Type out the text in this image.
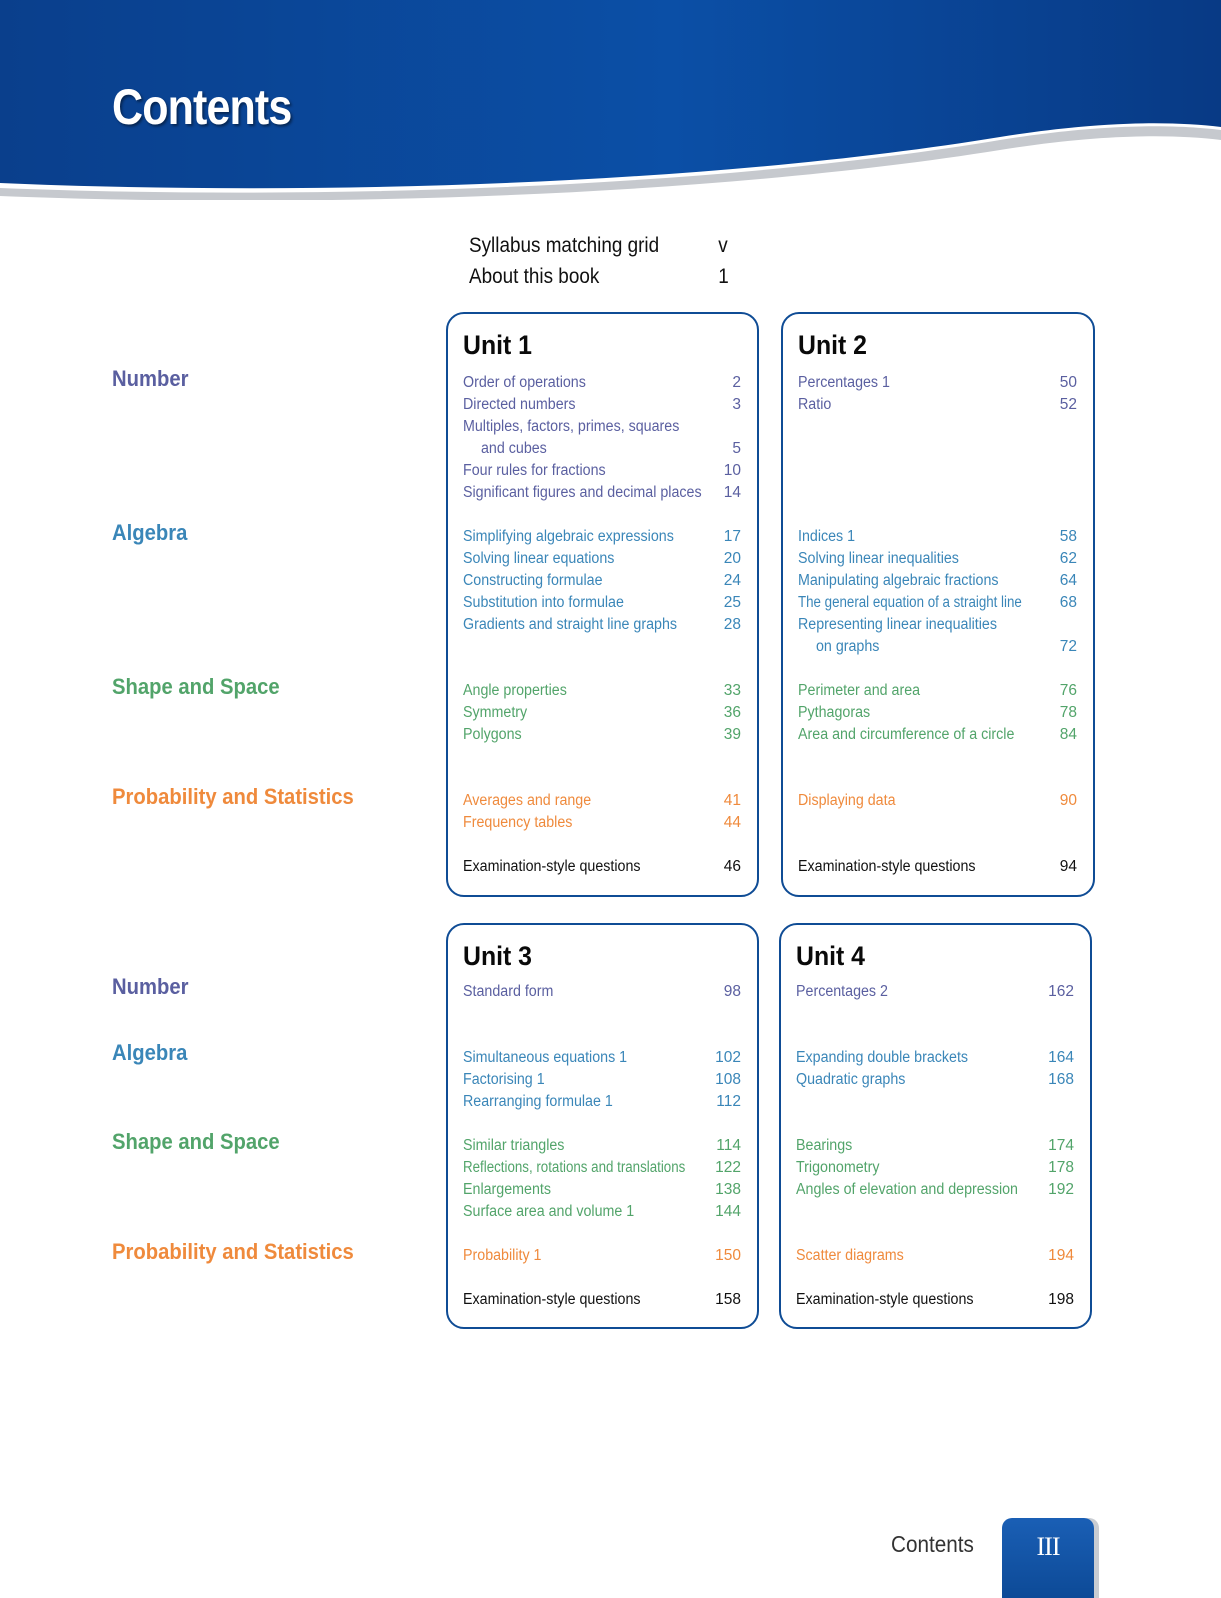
Contents
Syllabus matching grid	v
About this book	1
Number
Algebra
Shape and Space
Probability and Statistics
Number
Algebra
Shape and Space
Probability and Statistics
Unit 1
Order of operations	2
Directed numbers	3
Multiples, factors, primes, squares
and cubes	5
Four rules for fractions	10
Significant figures and decimal places 14
Simplifying algebraic expressions	17
Solving linear equations	20
Constructing formulae	24
Substitution into formulae	25
Gradients and straight line graphs	28
Angle properties	33
Symmetry	36
Polygons	39
Averages and range	41
Frequency tables	44
Examination-style questions	46
Unit 2
Percentages 1	50
Ratio	52
Indices 1	58
Solving linear inequalities	62
Manipulating algebraic fractions	64
The general equation of a straight line 68
Representing linear inequalities
on graphs	72
Perimeter and area	76
Pythagoras	78
Area and circumference of a circle	84
Displaying data	90
Examination-style questions	94
Unit 3
Standard form	98
Simultaneous equations 1	102
Factorising 1	108
Rearranging formulae 1	112
Similar triangles	114
Reflections, rotations and translations 122
Enlargements	138
Surface area and volume 1	144
Probability 1	150
Examination-style questions	158
Unit 4
Percentages 2	162
Expanding double brackets	164
Quadratic graphs	168
Bearings	174
Trigonometry	178
Angles of elevation and depression 192
Scatter diagrams	194
Examination-style questions	198
Contents	III
